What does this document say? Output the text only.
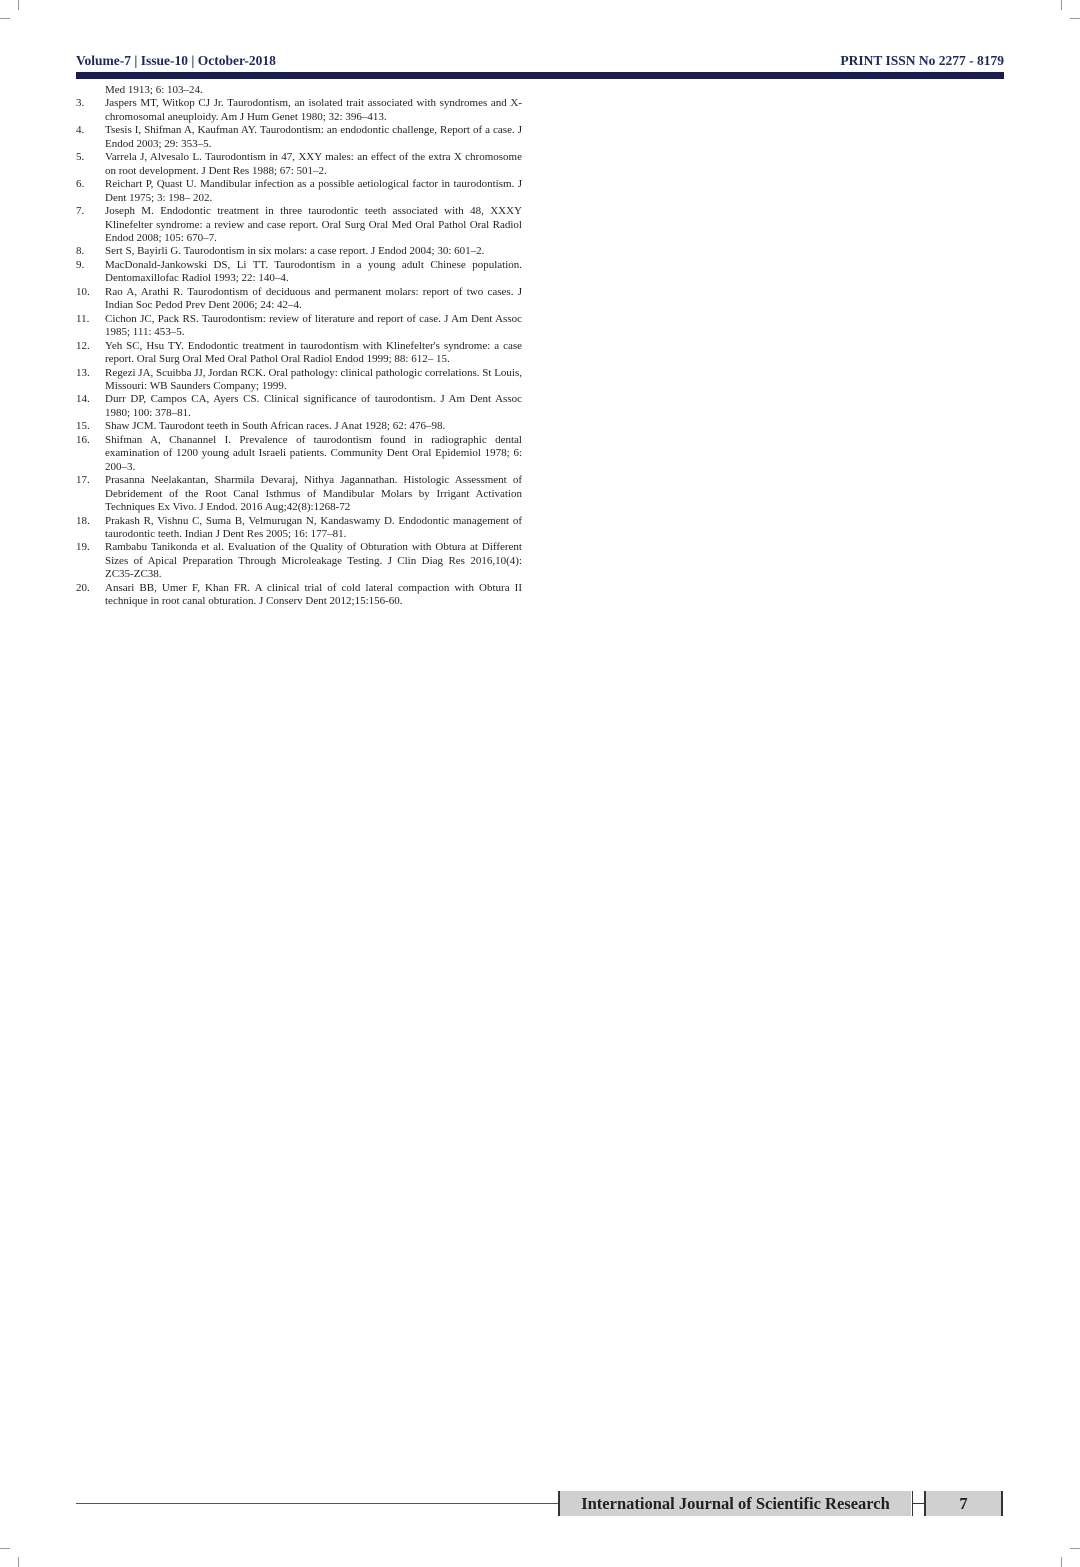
Volume-7 | Issue-10 | October-2018	PRINT ISSN No 2277 - 8179
Med 1913; 6: 103–24.
3. Jaspers MT, Witkop CJ Jr. Taurodontism, an isolated trait associated with syndromes and X-chromosomal aneuploidy. Am J Hum Genet 1980; 32: 396–413.
4. Tsesis I, Shifman A, Kaufman AY. Taurodontism: an endodontic challenge, Report of a case. J Endod 2003; 29: 353–5.
5. Varrela J, Alvesalo L. Taurodontism in 47, XXY males: an effect of the extra X chromosome on root development. J Dent Res 1988; 67: 501–2.
6. Reichart P, Quast U. Mandibular infection as a possible aetiological factor in taurodontism. J Dent 1975; 3: 198– 202.
7. Joseph M. Endodontic treatment in three taurodontic teeth associated with 48, XXXY Klinefelter syndrome: a review and case report. Oral Surg Oral Med Oral Pathol Oral Radiol Endod 2008; 105: 670–7.
8. Sert S, Bayirli G. Taurodontism in six molars: a case report. J Endod 2004; 30: 601–2.
9. MacDonald-Jankowski DS, Li TT. Taurodontism in a young adult Chinese population. Dentomaxillofac Radiol 1993; 22: 140–4.
10. Rao A, Arathi R. Taurodontism of deciduous and permanent molars: report of two cases. J Indian Soc Pedod Prev Dent 2006; 24: 42–4.
11. Cichon JC, Pack RS. Taurodontism: review of literature and report of case. J Am Dent Assoc 1985; 111: 453–5.
12. Yeh SC, Hsu TY. Endodontic treatment in taurodontism with Klinefelter's syndrome: a case report. Oral Surg Oral Med Oral Pathol Oral Radiol Endod 1999; 88: 612– 15.
13. Regezi JA, Scuibba JJ, Jordan RCK. Oral pathology: clinical pathologic correlations. St Louis, Missouri: WB Saunders Company; 1999.
14. Durr DP, Campos CA, Ayers CS. Clinical significance of taurodontism. J Am Dent Assoc 1980; 100: 378–81.
15. Shaw JCM. Taurodont teeth in South African races. J Anat 1928; 62: 476–98.
16. Shifman A, Chanannel I. Prevalence of taurodontism found in radiographic dental examination of 1200 young adult Israeli patients. Community Dent Oral Epidemiol 1978; 6: 200–3.
17. Prasanna Neelakantan, Sharmila Devaraj, Nithya Jagannathan. Histologic Assessment of Debridement of the Root Canal Isthmus of Mandibular Molars by Irrigant Activation Techniques Ex Vivo. J Endod. 2016 Aug;42(8):1268-72
18. Prakash R, Vishnu C, Suma B, Velmurugan N, Kandaswamy D. Endodontic management of taurodontic teeth. Indian J Dent Res 2005; 16: 177–81.
19. Rambabu Tanikonda et al. Evaluation of the Quality of Obturation with Obtura at Different Sizes of Apical Preparation Through Microleakage Testing. J Clin Diag Res 2016,10(4): ZC35-ZC38.
20. Ansari BB, Umer F, Khan FR. A clinical trial of cold lateral compaction with Obtura II technique in root canal obturation. J Conserv Dent 2012;15:156-60.
International Journal of Scientific Research	7
